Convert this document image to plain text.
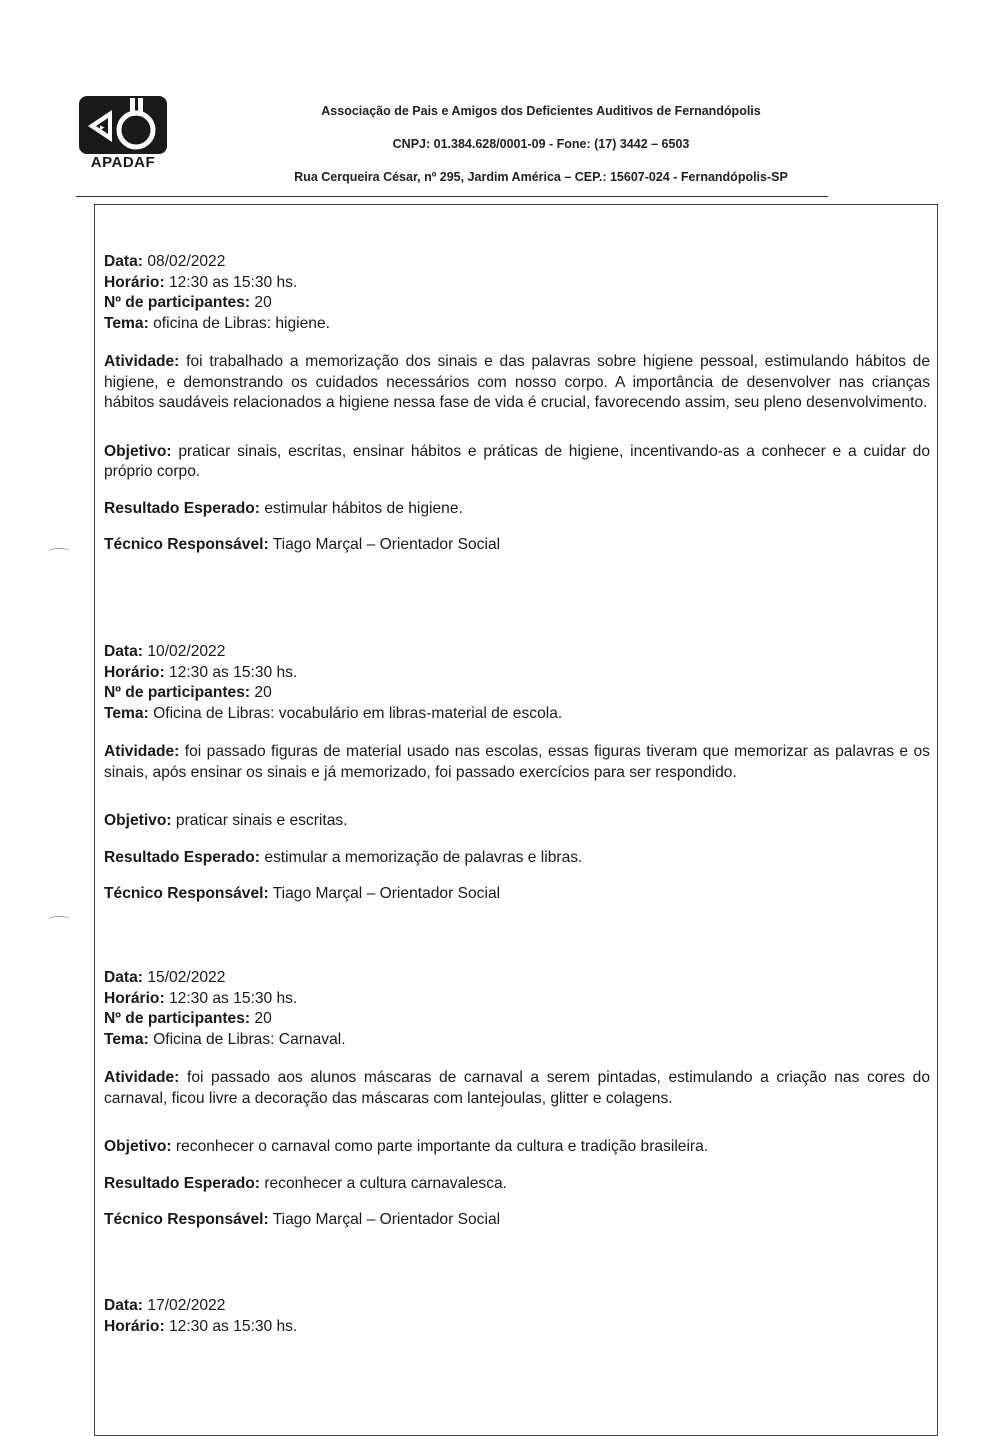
▸
APADAF
Associação de Pais e Amigos dos Deficientes Auditivos de Fernandópolis
CNPJ: 01.384.628/0001-09 - Fone: (17) 3442 – 6503
Rua Cerqueira César, nº 295, Jardim América – CEP.: 15607-024 - Fernandópolis-SP

Data: 08/02/2022

Horário: 12:30 as 15:30 hs.

Nº de participantes: 20

Tema: oficina de Libras: higiene.

Atividade: foi trabalhado a memorização dos sinais e das palavras sobre higiene pessoal, estimulando hábitos de higiene, e demonstrando os cuidados necessários com nosso corpo. A importância de desenvolver nas crianças hábitos saudáveis relacionados a higiene nessa fase de vida é crucial, favorecendo assim, seu pleno desenvolvimento.

Objetivo: praticar sinais, escritas, ensinar hábitos e práticas de higiene, incentivando-as a conhecer e a cuidar do próprio corpo.

Resultado Esperado: estimular hábitos de higiene.

Técnico Responsável: Tiago Marçal – Orientador Social

Data: 10/02/2022

Horário: 12:30 as 15:30 hs.

Nº de participantes: 20

Tema: Oficina de Libras: vocabulário em libras-material de escola.

Atividade: foi passado figuras de material usado nas escolas, essas figuras tiveram que memorizar as palavras e os sinais, após ensinar os sinais e já memorizado, foi passado exercícios para ser respondido.

Objetivo: praticar sinais e escritas.

Resultado Esperado: estimular a memorização de palavras e libras.

Técnico Responsável: Tiago Marçal – Orientador Social

Data: 15/02/2022

Horário: 12:30 as 15:30 hs.

Nº de participantes: 20

Tema: Oficina de Libras: Carnaval.

Atividade: foi passado aos alunos máscaras de carnaval a serem pintadas, estimulando a criação nas cores do carnaval, ficou livre a decoração das máscaras com lantejoulas, glitter e colagens.

Objetivo: reconhecer o carnaval como parte importante da cultura e tradição brasileira.

Resultado Esperado: reconhecer a cultura carnavalesca.

Técnico Responsável: Tiago Marçal – Orientador Social

Data: 17/02/2022

Horário: 12:30 as 15:30 hs.
